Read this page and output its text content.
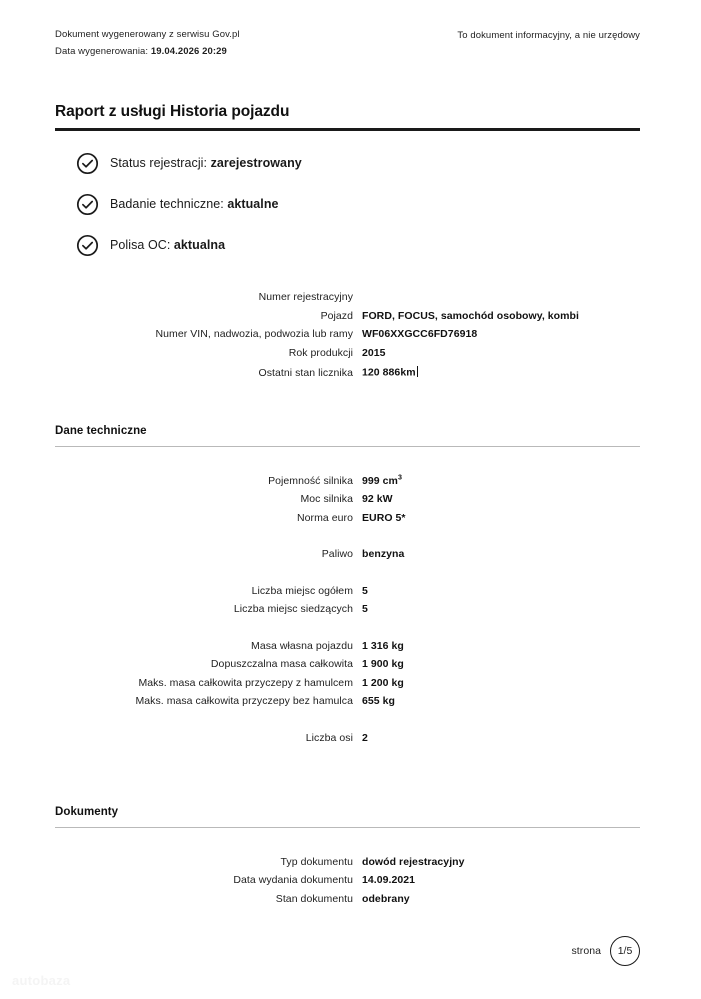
Dokument wygenerowany z serwisu Gov.pl
Data wygenerowania: 19.04.2026 20:29
To dokument informacyjny, a nie urzędowy
Raport z usługi Historia pojazdu
Status rejestracji: zarejestrowany
Badanie techniczne: aktualne
Polisa OC: aktualna
Numer rejestracyjny
Pojazd FORD, FOCUS, samochód osobowy, kombi
Numer VIN, nadwozia, podwozia lub ramy WF06XXGCC6FD76918
Rok produkcji 2015
Ostatni stan licznika 120 886km
Dane techniczne
Pojemność silnika 999 $cm^3$
Moc silnika 92 kW
Norma euro EURO 5*
Paliwo benzyna
Liczba miejsc ogółem 5
Liczba miejsc siedzących 5
Masa własna pojazdu 1 316 kg
Dopuszczalna masa całkowita 1 900 kg
Maks. masa całkowita przyczepy z hamulcem 1 200 kg
Maks. masa całkowita przyczepy bez hamulca 655 kg
Liczba osi 2
Dokumenty
Typ dokumentu dowód rejestracyjny
Data wydania dokumentu 14.09.2021
Stan dokumentu odebrany
strona	1/5
autobaza
